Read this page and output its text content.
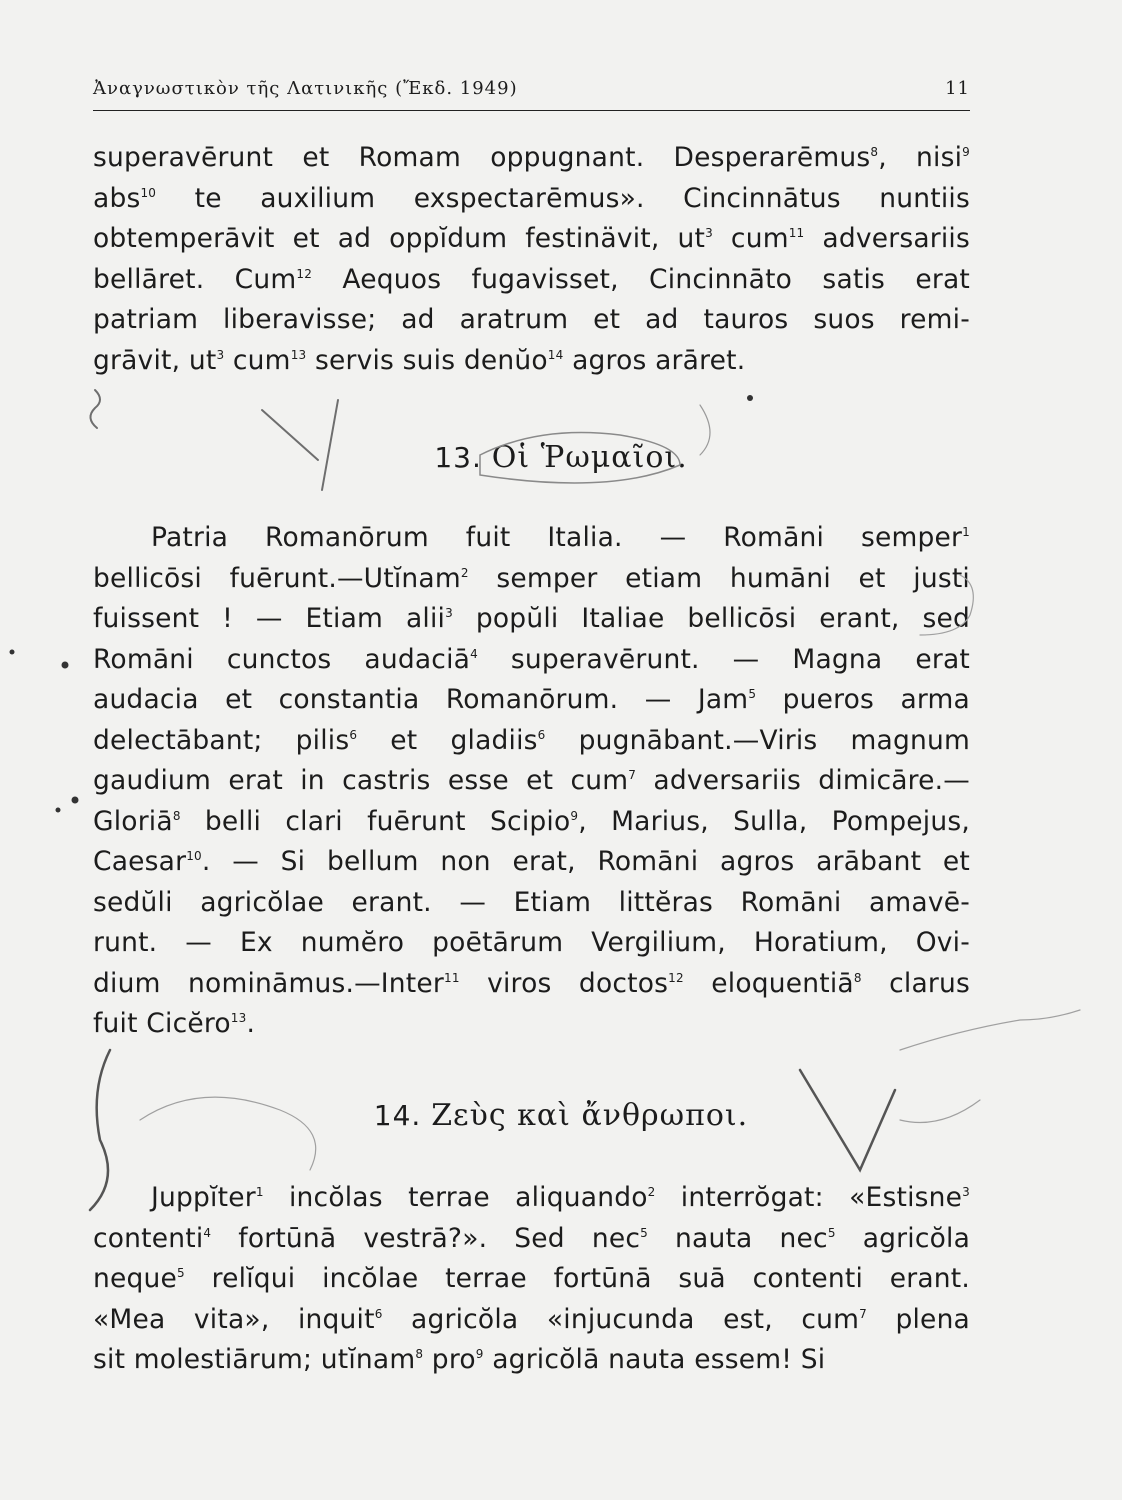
Ἀναγνωστικὸν τῆς Λατινικῆς (Ἔκδ. 1949)	11
superavērunt et Romam oppugnant. Desperarēmus$^8$, nisi$^9$
abs$^{10}$ te auxilium exspectarēmus». Cincinnātus nuntiis
obtemperāvit et ad oppĭdum festinävit, $ut^3$ cum$^{11}$ adversariis
bellāret. Cum$^{12}$ Aequos fugavisset, Cincinnāto satis erat
patriam liberavisse; ad aratrum et ad tauros suos remi-
grāvit, $ut^3$ cum$^{13}$ servis suis denŭo$^{14}$ agros arāret.
13. Οἱ Ῥωμαῖοι.
Patria Romanōrum fuit Italia. — Romāni semper$^1$
bellicōsi fuērunt.—Utĭnam$^2$ semper etiam humāni et justi
fuissent ! — Etiam alii$^3$ popŭli Italiae bellicōsi erant, sed
Romāni cunctos audaciā$^4$ superavērunt. — Magna erat
audacia et constantia Romanōrum. — Jam$^5$ pueros arma
delectābant; pilis$^6$ et gladiis$^6$ pugnābant.—Viris magnum
gaudium erat in castris esse et cum$^7$ adversariis dimicāre.—
Gloriā$^8$ belli clari fuērunt Scipio$^9$, Marius, Sulla, Pompejus,
Caesar$^{10}$. — Si bellum non erat, Romāni agros arābant et
sedŭli agricŏlae erant. — Etiam littĕras Romāni amavē-
runt. — Ex numĕro poētārum Vergilium, Horatium, Ovi-
dium nomināmus.—Inter$^{11}$ viros doctos$^{12}$ eloquentiā$^8$ clarus
fuit Cicĕro$^{13}$.
14. Ζεὺς καὶ ἄνθρωποι.
Juppĭter$^1$ incŏlas terrae aliquando$^2$ interrŏgat: «Estisne$^3$
contenti$^4$ fortūnā vestrā?». Sed nec$^5$ nauta nec$^5$ agricŏla
neque$^5$ relĭqui incŏlae terrae fortūnā suā contenti erant.
«Mea vita», inquit$^6$ agricŏla «injucunda est, cum$^7$ plena
sit molestiārum; utĭnam$^8$ pro$^9$ agricŏlā nauta essem! Si
